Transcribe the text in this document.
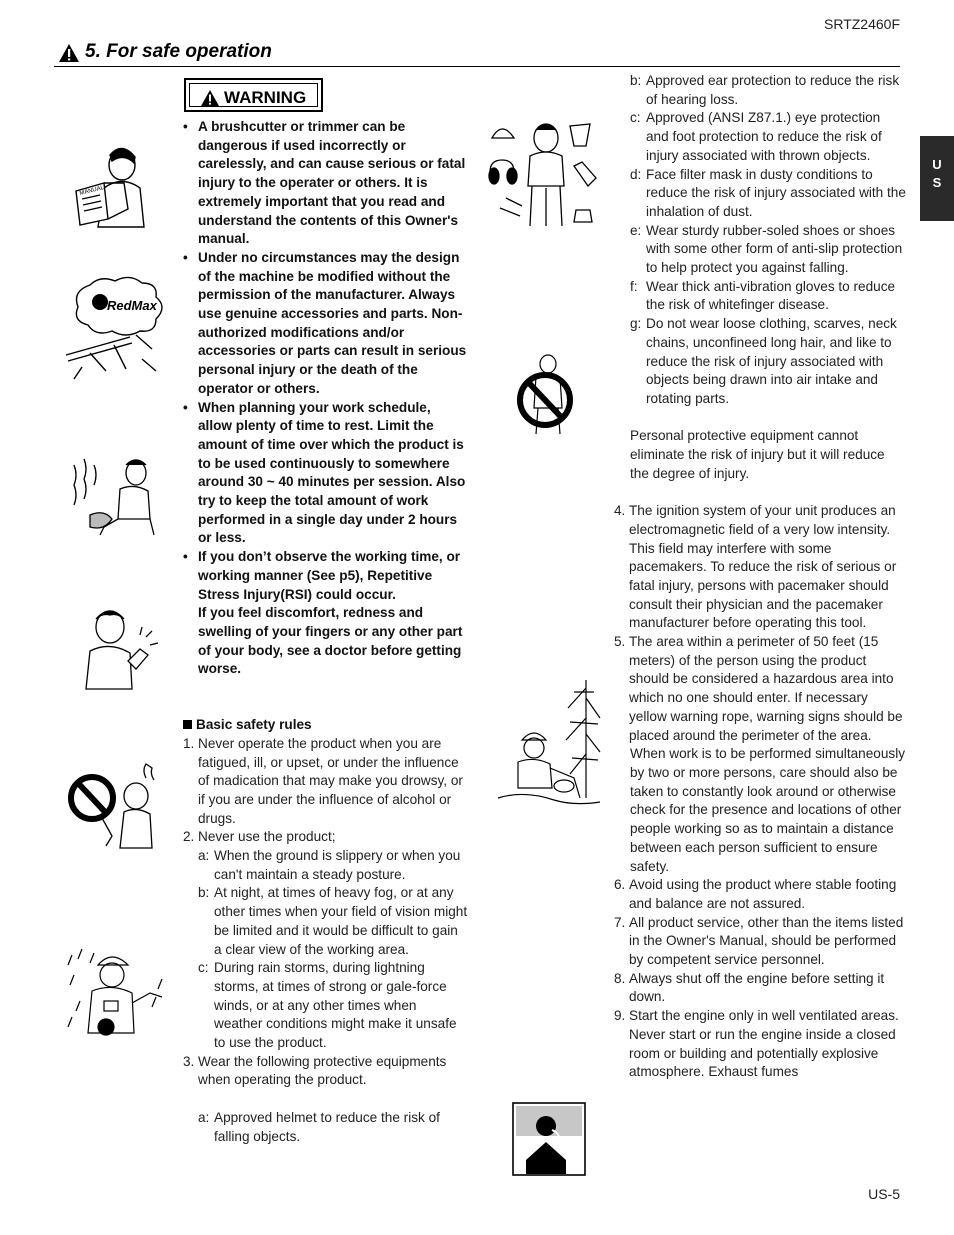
SRTZ2460F
5. For safe operation
U
S
WARNING
MANUAL
RedMax
• A brushcutter or trimmer can be dangerous if used incorrectly or carelessly, and can cause serious or fatal injury to the operater or others. It is extremely important that you read and understand the contents of this Owner's manual.
• Under no circumstances may the design of the machine be modified without the permission of the manufacturer. Always use genuine accessories and parts. Non-authorized modifications and/or accessories or parts can result in serious personal injury or the death of the operator or others.
• When planning your work schedule, allow plenty of time to rest. Limit the amount of time over which the product is to be used continuously to somewhere around 30 ~ 40 minutes per session. Also try to keep the total amount of work performed in a single day under 2 hours or less.
• If you don’t observe the working time, or working manner (See p5), Repetitive Stress Injury(RSI) could occur.
If you feel discomfort, redness and swelling of your fingers or any other part of your body, see a doctor before getting worse.
Basic safety rules
1. Never operate the product when you are fatigued, ill, or upset, or under the influence of madication that may make you drowsy, or if you are under the influence of alcohol or drugs.
2. Never use the product;
a: When the ground is slippery or when you can't maintain a steady posture.
b: At night, at times of heavy fog, or at any other times when your field of vision might be limited and it would be difficult to gain a clear view of the working area.
c: During rain storms, during lightning storms, at times of strong or gale-force winds, or at any other times when weather conditions might make it unsafe to use the product.
3. Wear the following protective equipments when operating the product.
a: Approved helmet to reduce the risk of falling objects.
b: Approved ear protection to reduce the risk of hearing loss.
c: Approved (ANSI Z87.1.) eye protection and foot protection to reduce the risk of injury associated with thrown objects.
d: Face filter mask in dusty conditions to reduce the risk of injury associated with the inhalation of dust.
e: Wear sturdy rubber-soled shoes or shoes with some other form of anti-slip protection to help protect you against falling.
f: Wear thick anti-vibration gloves to reduce the risk of whitefinger disease.
g: Do not wear loose clothing, scarves, neck chains, unconfineed long hair, and like to reduce the risk of injury associated with objects being drawn into air intake and rotating parts.
Personal protective equipment cannot eliminate the risk of injury but it will reduce the degree of injury.
4. The ignition system of your unit produces an electromagnetic field of a very low intensity. This field may interfere with some pacemakers. To reduce the risk of serious or fatal injury, persons with pacemaker should consult their physician and the pacemaker manufacturer before operating this tool.
5. The area within a perimeter of 50 feet (15 meters) of the person using the product should be considered a hazardous area into which no one should enter. If necessary yellow warning rope, warning signs should be placed around the perimeter of the area.
When work is to be performed simultaneously by two or more persons, care should also be taken to constantly look around or otherwise check for the presence and locations of other people working so as to maintain a distance between each person sufficient to ensure safety.
6. Avoid using the product where stable footing and balance are not assured.
7. All product service, other than the items listed in the Owner's Manual, should be performed by competent service personnel.
8. Always shut off the engine before setting it down.
9. Start the engine only in well ventilated areas. Never start or run the engine inside a closed room or building and potentially explosive atmosphere. Exhaust fumes
US-5
